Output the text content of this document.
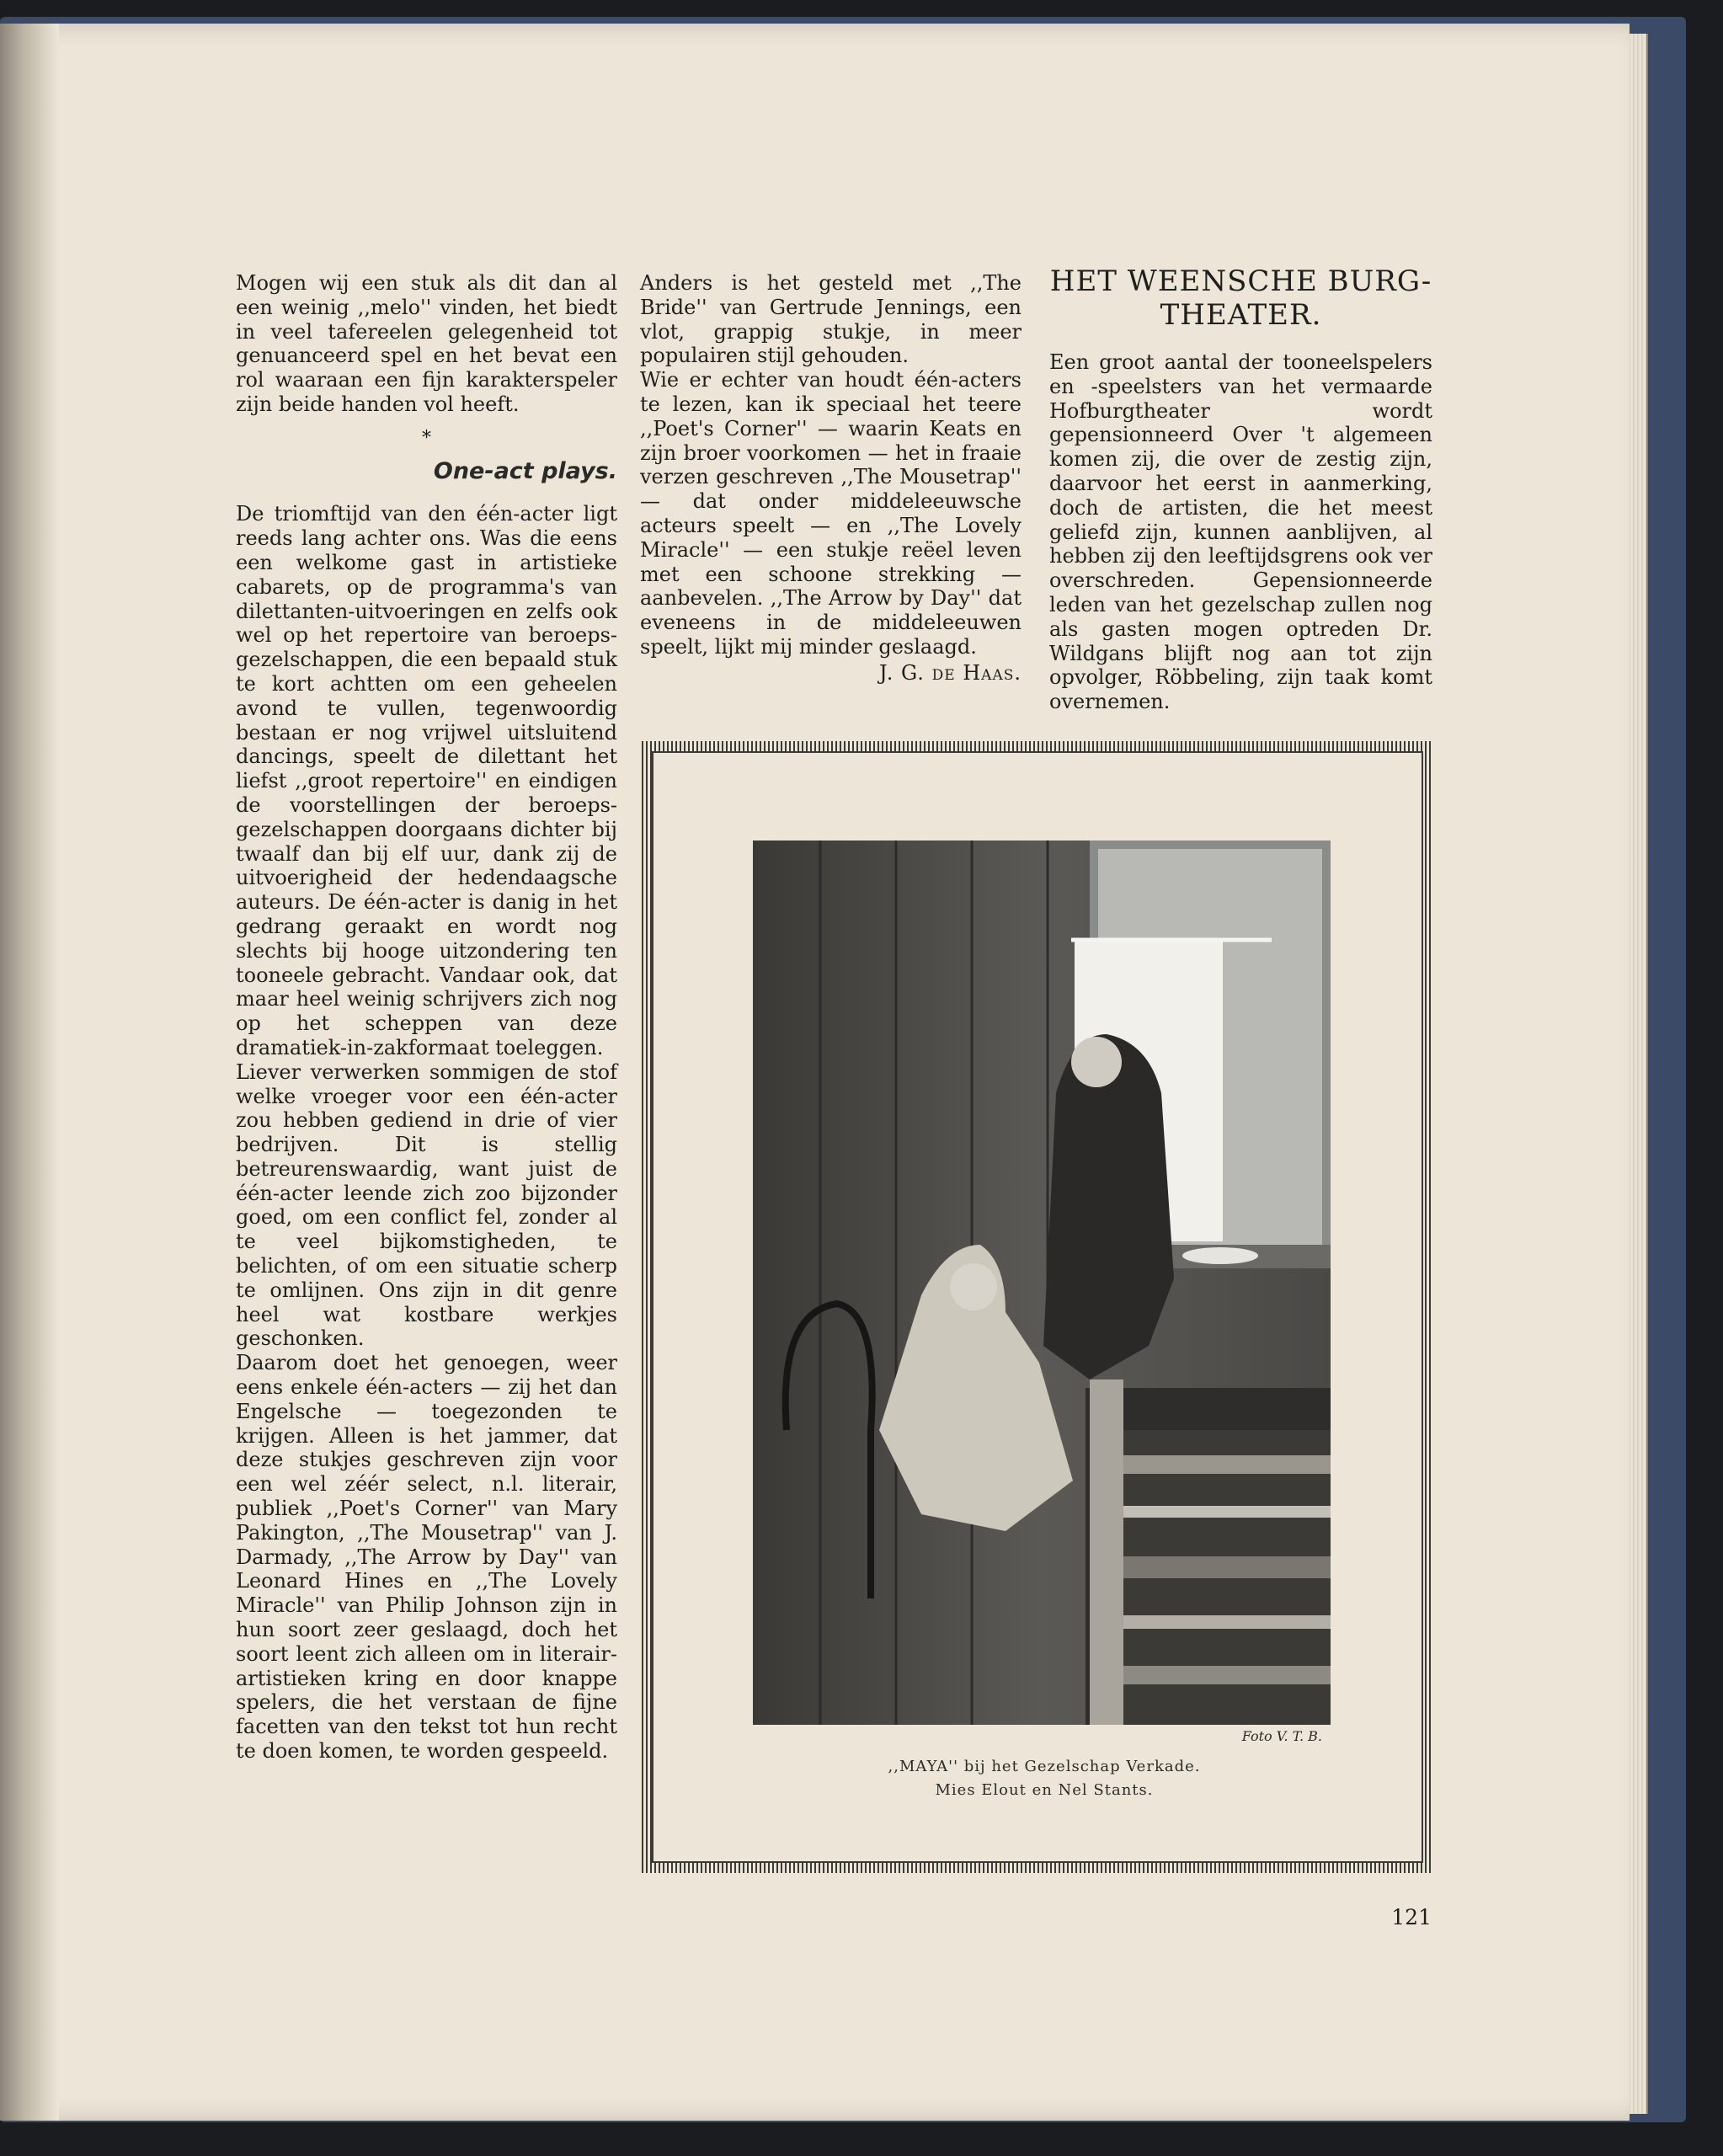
Mogen wij een stuk als dit dan al een weinig ,,melo'' vinden, het biedt in veel tafereelen gelegenheid tot genuanceerd spel en het bevat een rol waaraan een fijn karakterspeler zijn beide handen vol heeft.

*
One-act plays.

De triomftijd van den één-acter ligt reeds lang achter ons. Was die eens een welkome gast in artistieke cabarets, op de programma's van dilettanten-uitvoeringen en zelfs ook wel op het repertoire van beroeps-gezelschappen, die een bepaald stuk te kort achtten om een geheelen avond te vullen, tegenwoordig bestaan er nog vrijwel uitsluitend dancings, speelt de dilettant het liefst ,,groot repertoire'' en eindigen de voorstellingen der beroeps-gezelschappen doorgaans dichter bij twaalf dan bij elf uur, dank zij de uitvoerigheid der hedendaagsche auteurs. De één-acter is danig in het gedrang geraakt en wordt nog slechts bij hooge uitzondering ten tooneele gebracht. Vandaar ook, dat maar heel weinig schrijvers zich nog op het scheppen van deze dramatiek-in-zakformaat toeleggen.

Liever verwerken sommigen de stof welke vroeger voor een één-acter zou hebben gediend in drie of vier bedrijven. Dit is stellig betreurenswaardig, want juist de één-acter leende zich zoo bijzonder goed, om een conflict fel, zonder al te veel bijkomstigheden, te belichten, of om een situatie scherp te omlijnen. Ons zijn in dit genre heel wat kostbare werkjes geschonken.

Daarom doet het genoegen, weer eens enkele één-acters — zij het dan Engelsche — toegezonden te krijgen. Alleen is het jammer, dat deze stukjes geschreven zijn voor een wel zéér select, n.l. literair, publiek ,,Poet's Corner'' van Mary Pakington, ,,The Mousetrap'' van J. Darmady, ,,The Arrow by Day'' van Leonard Hines en ,,The Lovely Miracle'' van Philip Johnson zijn in hun soort zeer geslaagd, doch het soort leent zich alleen om in literair-artistieken kring en door knappe spelers, die het verstaan de fijne facetten van den tekst tot hun recht te doen komen, te worden gespeeld.

Anders is het gesteld met ,,The Bride'' van Gertrude Jennings, een vlot, grappig stukje, in meer populairen stijl gehouden.

Wie er echter van houdt één-acters te lezen, kan ik speciaal het teere ,,Poet's Corner'' — waarin Keats en zijn broer voorkomen — het in fraaie verzen geschreven ,,The Mousetrap'' — dat onder middeleeuwsche acteurs speelt — en ,,The Lovely Miracle'' — een stukje reëel leven met een schoone strekking — aanbevelen. ,,The Arrow by Day'' dat eveneens in de middeleeuwen speelt, lijkt mij minder geslaagd.

J. G. de Haas.
HET WEENSCHE BURG-THEATER.

Een groot aantal der tooneelspelers en -speelsters van het vermaarde Hofburgtheater wordt gepensionneerd Over 't algemeen komen zij, die over de zestig zijn, daarvoor het eerst in aanmerking, doch de artisten, die het meest geliefd zijn, kunnen aanblijven, al hebben zij den leeftijdsgrens ook ver overschreden. Gepensionneerde leden van het gezelschap zullen nog als gasten mogen optreden Dr. Wildgans blijft nog aan tot zijn opvolger, Röbbeling, zijn taak komt overnemen.

Foto V. T. B.
,,MAYA'' bij het Gezelschap Verkade.
Mies Elout en Nel Stants.
121
